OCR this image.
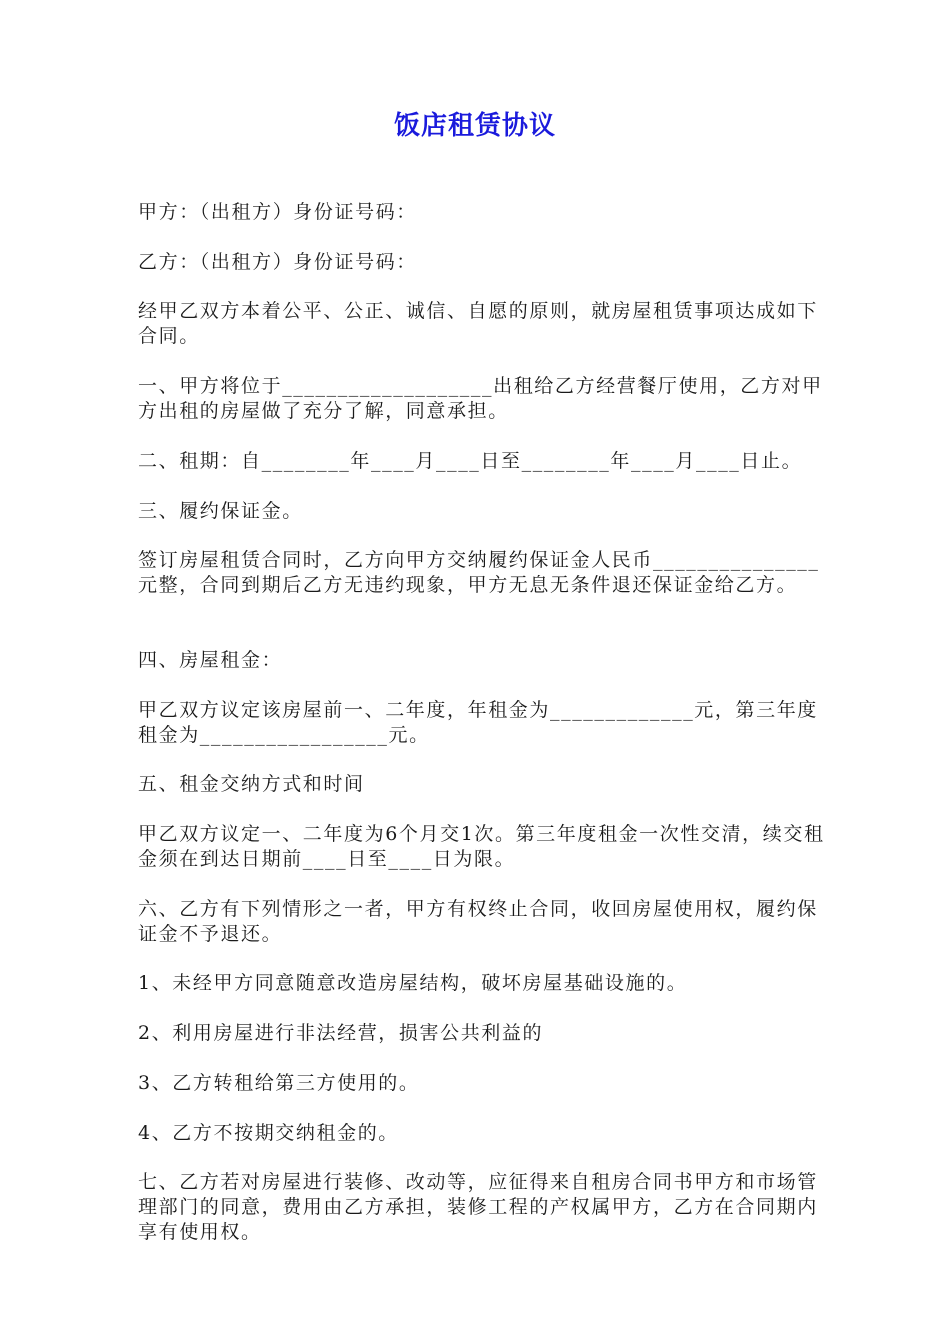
饭店租赁协议
甲方：（出租方）身份证号码：
乙方：（出租方）身份证号码：
经甲乙双方本着公平、公正、诚信、自愿的原则，就房屋租赁事项达成如下合同。
一、甲方将位于___________________出租给乙方经营餐厅使用，乙方对甲方出租的房屋做了充分了解，同意承担。
二、租期：自________年____月____日至________年____月____日止。
三、履约保证金。
签订房屋租赁合同时，乙方向甲方交纳履约保证金人民币_______________元整，合同到期后乙方无违约现象，甲方无息无条件退还保证金给乙方。
四、房屋租金：
甲乙双方议定该房屋前一、二年度，年租金为_____________元，第三年度租金为_________________元。
五、租金交纳方式和时间
甲乙双方议定一、二年度为6个月交1次。第三年度租金一次性交清，续交租金须在到达日期前____日至____日为限。
六、乙方有下列情形之一者，甲方有权终止合同，收回房屋使用权，履约保证金不予退还。
1、未经甲方同意随意改造房屋结构，破坏房屋基础设施的。
2、利用房屋进行非法经营，损害公共利益的
3、乙方转租给第三方使用的。
4、乙方不按期交纳租金的。
七、乙方若对房屋进行装修、改动等，应征得来自租房合同书甲方和市场管理部门的同意，费用由乙方承担，装修工程的产权属甲方，乙方在合同期内享有使用权。
